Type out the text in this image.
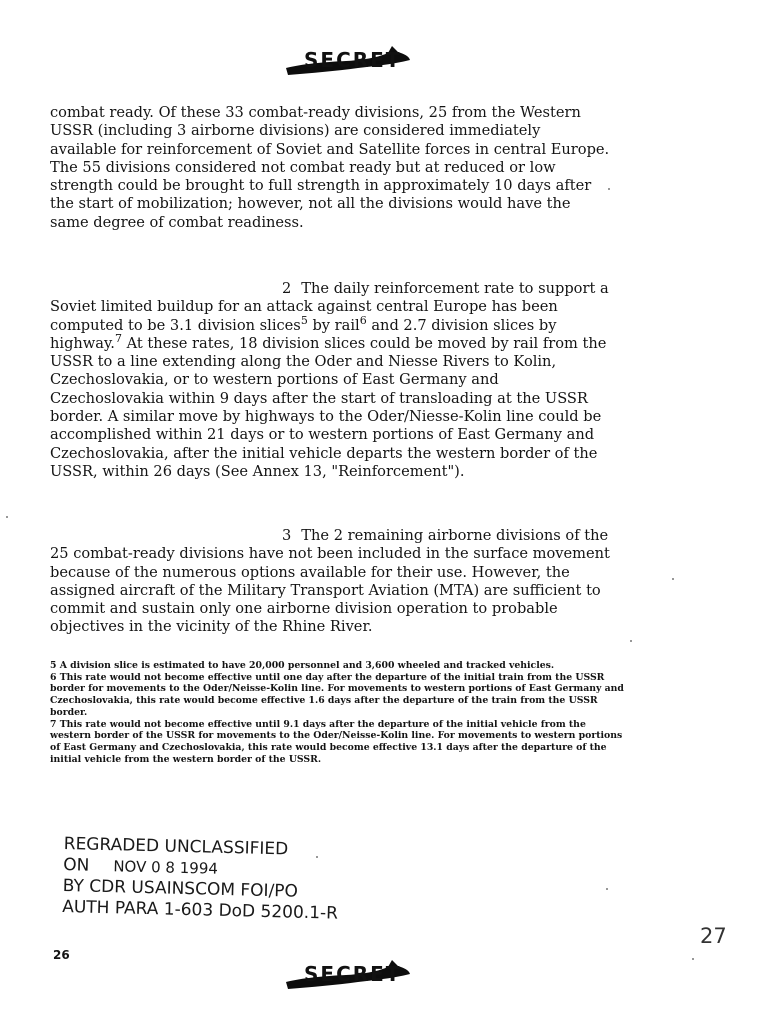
SECRET

combat ready. Of these 33 combat-ready divisions, 25 from the Western USSR (including 3 airborne divisions) are considered immediately available for reinforcement of Soviet and Satellite forces in central Europe. The 55 divisions considered not combat ready but at reduced or low strength could be brought to full strength in approximately 10 days after the start of mobilization; however, not all the divisions would have the same degree of combat readiness.

2 The daily reinforcement rate to support a Soviet limited buildup for an attack against central Europe has been computed to be 3.1 division slices$^5$ by rail$^6$ and 2.7 division slices by highway.$^7$ At these rates, 18 division slices could be moved by rail from the USSR to a line extending along the Oder and Niesse Rivers to Kolin, Czechoslovakia, or to western portions of East Germany and Czechoslovakia within 9 days after the start of transloading at the USSR border. A similar move by highways to the Oder/Niesse-Kolin line could be accomplished within 21 days or to western portions of East Germany and Czechoslovakia, after the initial vehicle departs the western border of the USSR, within 26 days (See Annex 13, "Reinforcement").

3 The 2 remaining airborne divisions of the 25 combat-ready divisions have not been included in the surface movement because of the numerous options available for their use. However, the assigned aircraft of the Military Transport Aviation (MTA) are sufficient to commit and sustain only one airborne division operation to probable objectives in the vicinity of the Rhine River.

5 A division slice is estimated to have 20,000 personnel and 3,600 wheeled and tracked vehicles.

6 This rate would not become effective until one day after the departure of the initial train from the USSR border for movements to the Oder/Neisse-Kolin line. For movements to western portions of East Germany and Czechoslovakia, this rate would become effective 1.6 days after the departure of the train from the USSR border.

7 This rate would not become effective until 9.1 days after the departure of the initial vehicle from the western border of the USSR for movements to the Oder/Neisse-Kolin line. For movements to western portions of East Germany and Czechoslovakia, this rate would become effective 13.1 days after the departure of the initial vehicle from the western border of the USSR.

REGRADED UNCLASSIFIED
ON NOV 0 8 1994
BY CDR USAINSCOM FOI/PO
AUTH PARA 1-603 DoD 5200.1-R
26
27
SECRET
